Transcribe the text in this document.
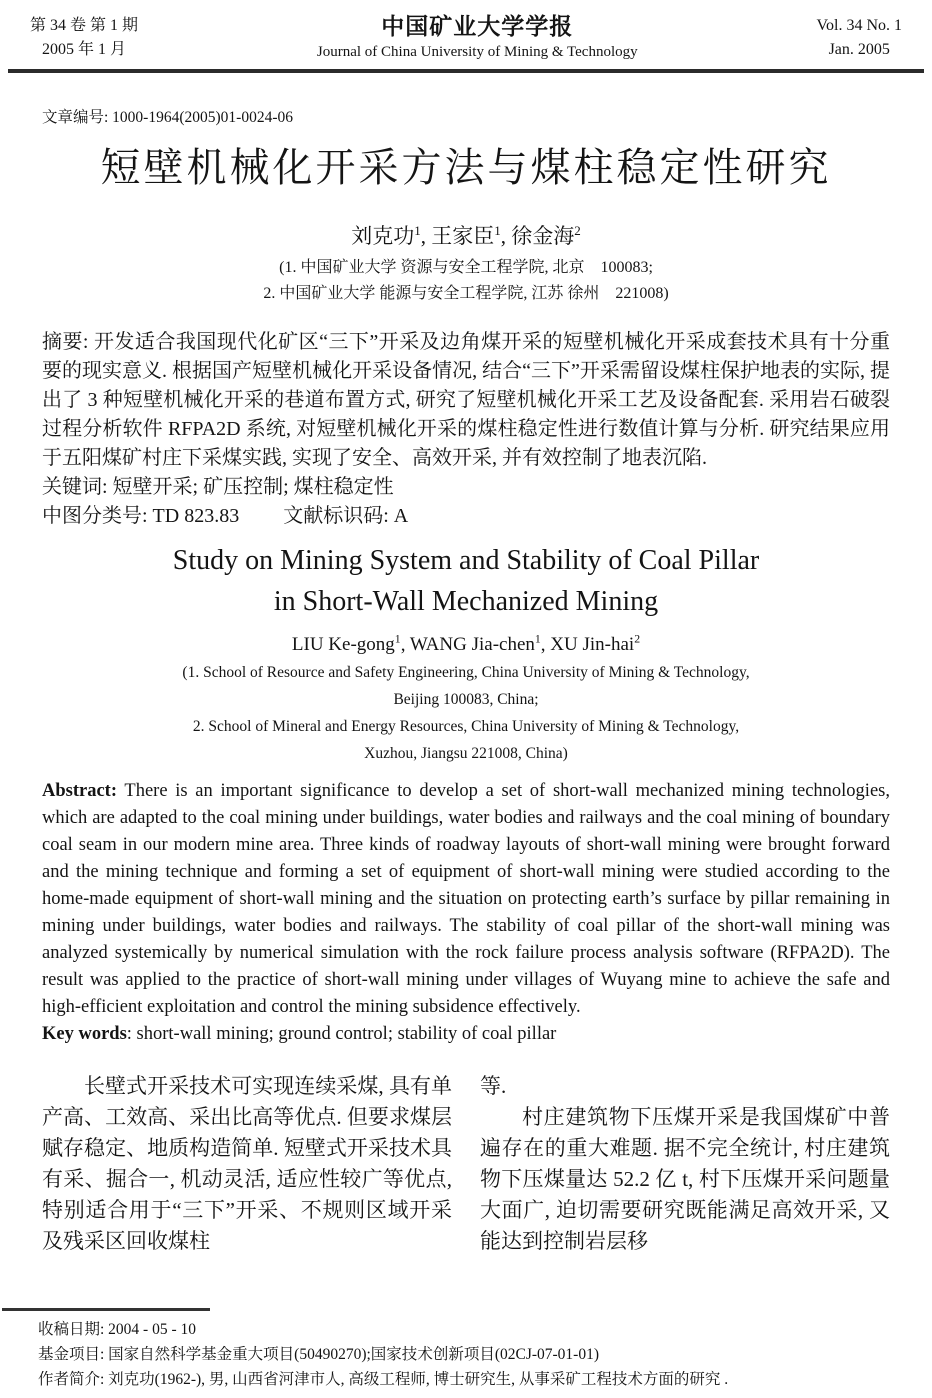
第 34 卷 第 1 期
2005 年 1 月
中国矿业大学学报
Journal of China University of Mining & Technology
Vol. 34 No. 1
Jan. 2005
文章编号: 1000-1964(2005)01-0024-06
短壁机械化开采方法与煤柱稳定性研究
刘克功$^1$, 王家臣$^1$, 徐金海$^2$
(1. 中国矿业大学 资源与安全工程学院, 北京　100083;
2. 中国矿业大学 能源与安全工程学院, 江苏 徐州　221008)
摘要: 开发适合我国现代化矿区“三下”开采及边角煤开采的短壁机械化开采成套技术具有十分重要的现实意义. 根据国产短壁机械化开采设备情况, 结合“三下”开采需留设煤柱保护地表的实际, 提出了 3 种短壁机械化开采的巷道布置方式, 研究了短壁机械化开采工艺及设备配套. 采用岩石破裂过程分析软件 RFPA2D 系统, 对短壁机械化开采的煤柱稳定性进行数值计算与分析. 研究结果应用于五阳煤矿村庄下采煤实践, 实现了安全、高效开采, 并有效控制了地表沉陷.
关键词: 短壁开采; 矿压控制; 煤柱稳定性
中图分类号: TD 823.83 文献标识码: A
Study on Mining System and Stability of Coal Pillar
in Short-Wall Mechanized Mining
LIU Ke-gong$^1$, WANG Jia-chen$^1$, XU Jin-hai$^2$
(1. School of Resource and Safety Engineering, China University of Mining & Technology,
Beijing 100083, China;
2. School of Mineral and Energy Resources, China University of Mining & Technology,
Xuzhou, Jiangsu 221008, China)
Abstract: There is an important significance to develop a set of short-wall mechanized mining technologies, which are adapted to the coal mining under buildings, water bodies and railways and the coal mining of boundary coal seam in our modern mine area. Three kinds of roadway layouts of short-wall mining were brought forward and the mining technique and forming a set of equipment of short-wall mining were studied according to the home-made equipment of short-wall mining and the situation on protecting earth’s surface by pillar remaining in mining under buildings, water bodies and railways. The stability of coal pillar of the short-wall mining was analyzed systemically by numerical simulation with the rock failure process analysis software (RFPA2D). The result was applied to the practice of short-wall mining under villages of Wuyang mine to achieve the safe and high-efficient exploitation and control the mining subsidence effectively.
Key words: short-wall mining; ground control; stability of coal pillar

长壁式开采技术可实现连续采煤, 具有单产高、工效高、采出比高等优点. 但要求煤层赋存稳定、地质构造简单. 短壁式开采技术具有采、掘合一, 机动灵活, 适应性较广等优点, 特别适合用于“三下”开采、不规则区域开采及残采区回收煤柱

等.

村庄建筑物下压煤开采是我国煤矿中普遍存在的重大难题. 据不完全统计, 村庄建筑物下压煤量达 52.2 亿 t, 村下压煤开采问题量大面广, 迫切需要研究既能满足高效开采, 又能达到控制岩层移

收稿日期: 2004 - 05 - 10
基金项目: 国家自然科学基金重大项目(50490270);国家技术创新项目(02CJ-07-01-01)
作者简介: 刘克功(1962-), 男, 山西省河津市人, 高级工程师, 博士研究生, 从事采矿工程技术方面的研究 .
